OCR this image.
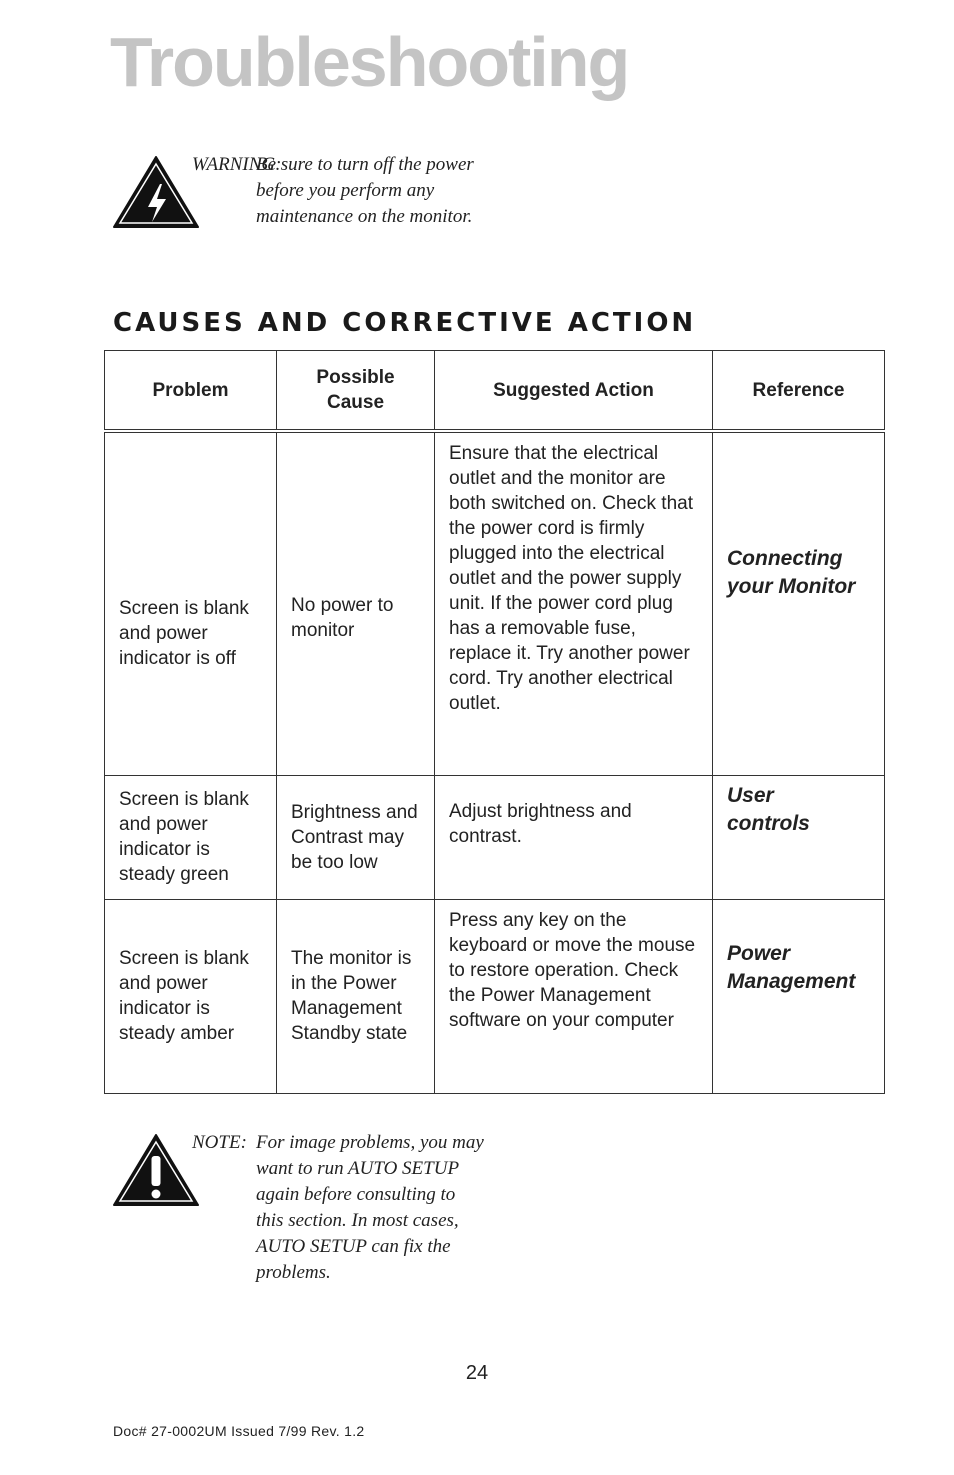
Troubleshooting
WARNING:
Be sure to turn off the power before you perform any maintenance on the monitor.
CAUSES AND CORRECTIVE ACTION
Problem	Possible Cause	Suggested Action	Reference

Screen is blank and power indicator is off	No power to monitor	Ensure that the electrical outlet and the monitor are both switched on. Check that the power cord is firmly plugged into the electrical outlet and the power supply unit. If the power cord plug has a removable fuse, replace it. Try another power cord. Try another electrical outlet.	Connecting your Monitor

Screen is blank and power indicator is steady green	Brightness and Contrast may be too low	Adjust brightness and contrast.	User controls

Screen is blank and power indicator is steady amber	The monitor is in the Power Management Standby state	Press any key on the keyboard or move the mouse to restore operation. Check the Power Management software on your computer	Power Management
NOTE: For image problems, you may want to run AUTO SETUP again before consulting to this section. In most cases, AUTO SETUP can fix the problems.
24
Doc# 27-0002UM Issued 7/99 Rev. 1.2
